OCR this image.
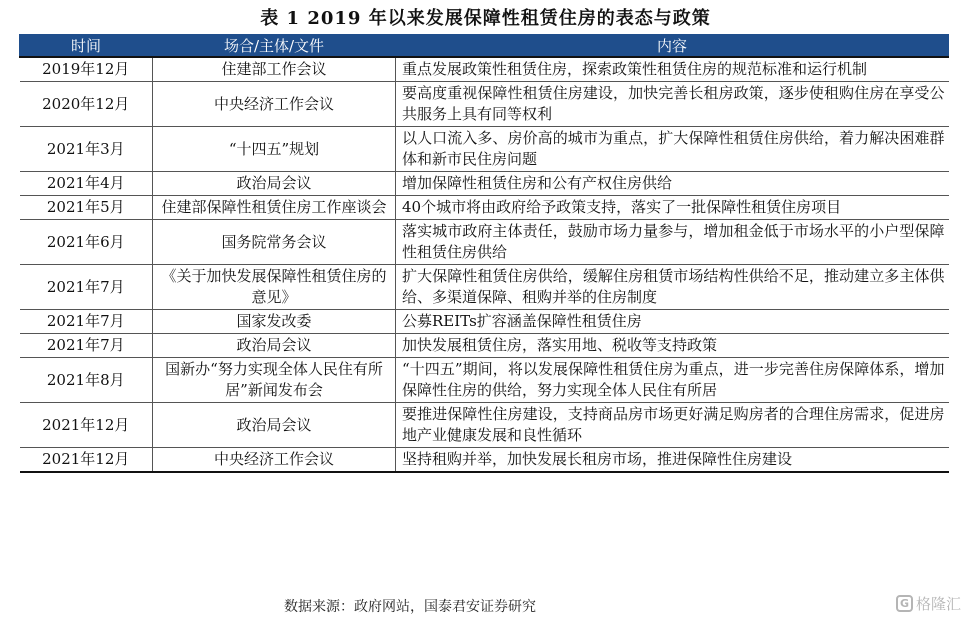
表 1 2019 年以来发展保障性租赁住房的表态与政策
时间	场合/主体/文件	内容
2019年12月	住建部工作会议	重点发展政策性租赁住房，探索政策性租赁住房的规范标准和运行机制
2020年12月	中央经济工作会议	要高度重视保障性租赁住房建设，加快完善长租房政策，逐步使租购住房在享受公共服务上具有同等权利
2021年3月	“十四五”规划	以人口流入多、房价高的城市为重点，扩大保障性租赁住房供给，着力解决困难群体和新市民住房问题
2021年4月	政治局会议	增加保障性租赁住房和公有产权住房供给
2021年5月	住建部保障性租赁住房工作座谈会	40个城市将由政府给予政策支持，落实了一批保障性租赁住房项目
2021年6月	国务院常务会议	落实城市政府主体责任，鼓励市场力量参与，增加租金低于市场水平的小户型保障性租赁住房供给
2021年7月	《关于加快发展保障性租赁住房的意见》	扩大保障性租赁住房供给，缓解住房租赁市场结构性供给不足，推动建立多主体供给、多渠道保障、租购并举的住房制度
2021年7月	国家发改委	公募REITs扩容涵盖保障性租赁住房
2021年7月	政治局会议	加快发展租赁住房，落实用地、税收等支持政策
2021年8月	国新办“努力实现全体人民住有所居”新闻发布会	“十四五”期间，将以发展保障性租赁住房为重点，进一步完善住房保障体系，增加保障性住房的供给，努力实现全体人民住有所居
2021年12月	政治局会议	要推进保障性住房建设，支持商品房市场更好满足购房者的合理住房需求，促进房地产业健康发展和良性循环
2021年12月	中央经济工作会议	坚持租购并举，加快发展长租房市场，推进保障性住房建设
数据来源：政府网站，国泰君安证券研究	G 格隆汇
